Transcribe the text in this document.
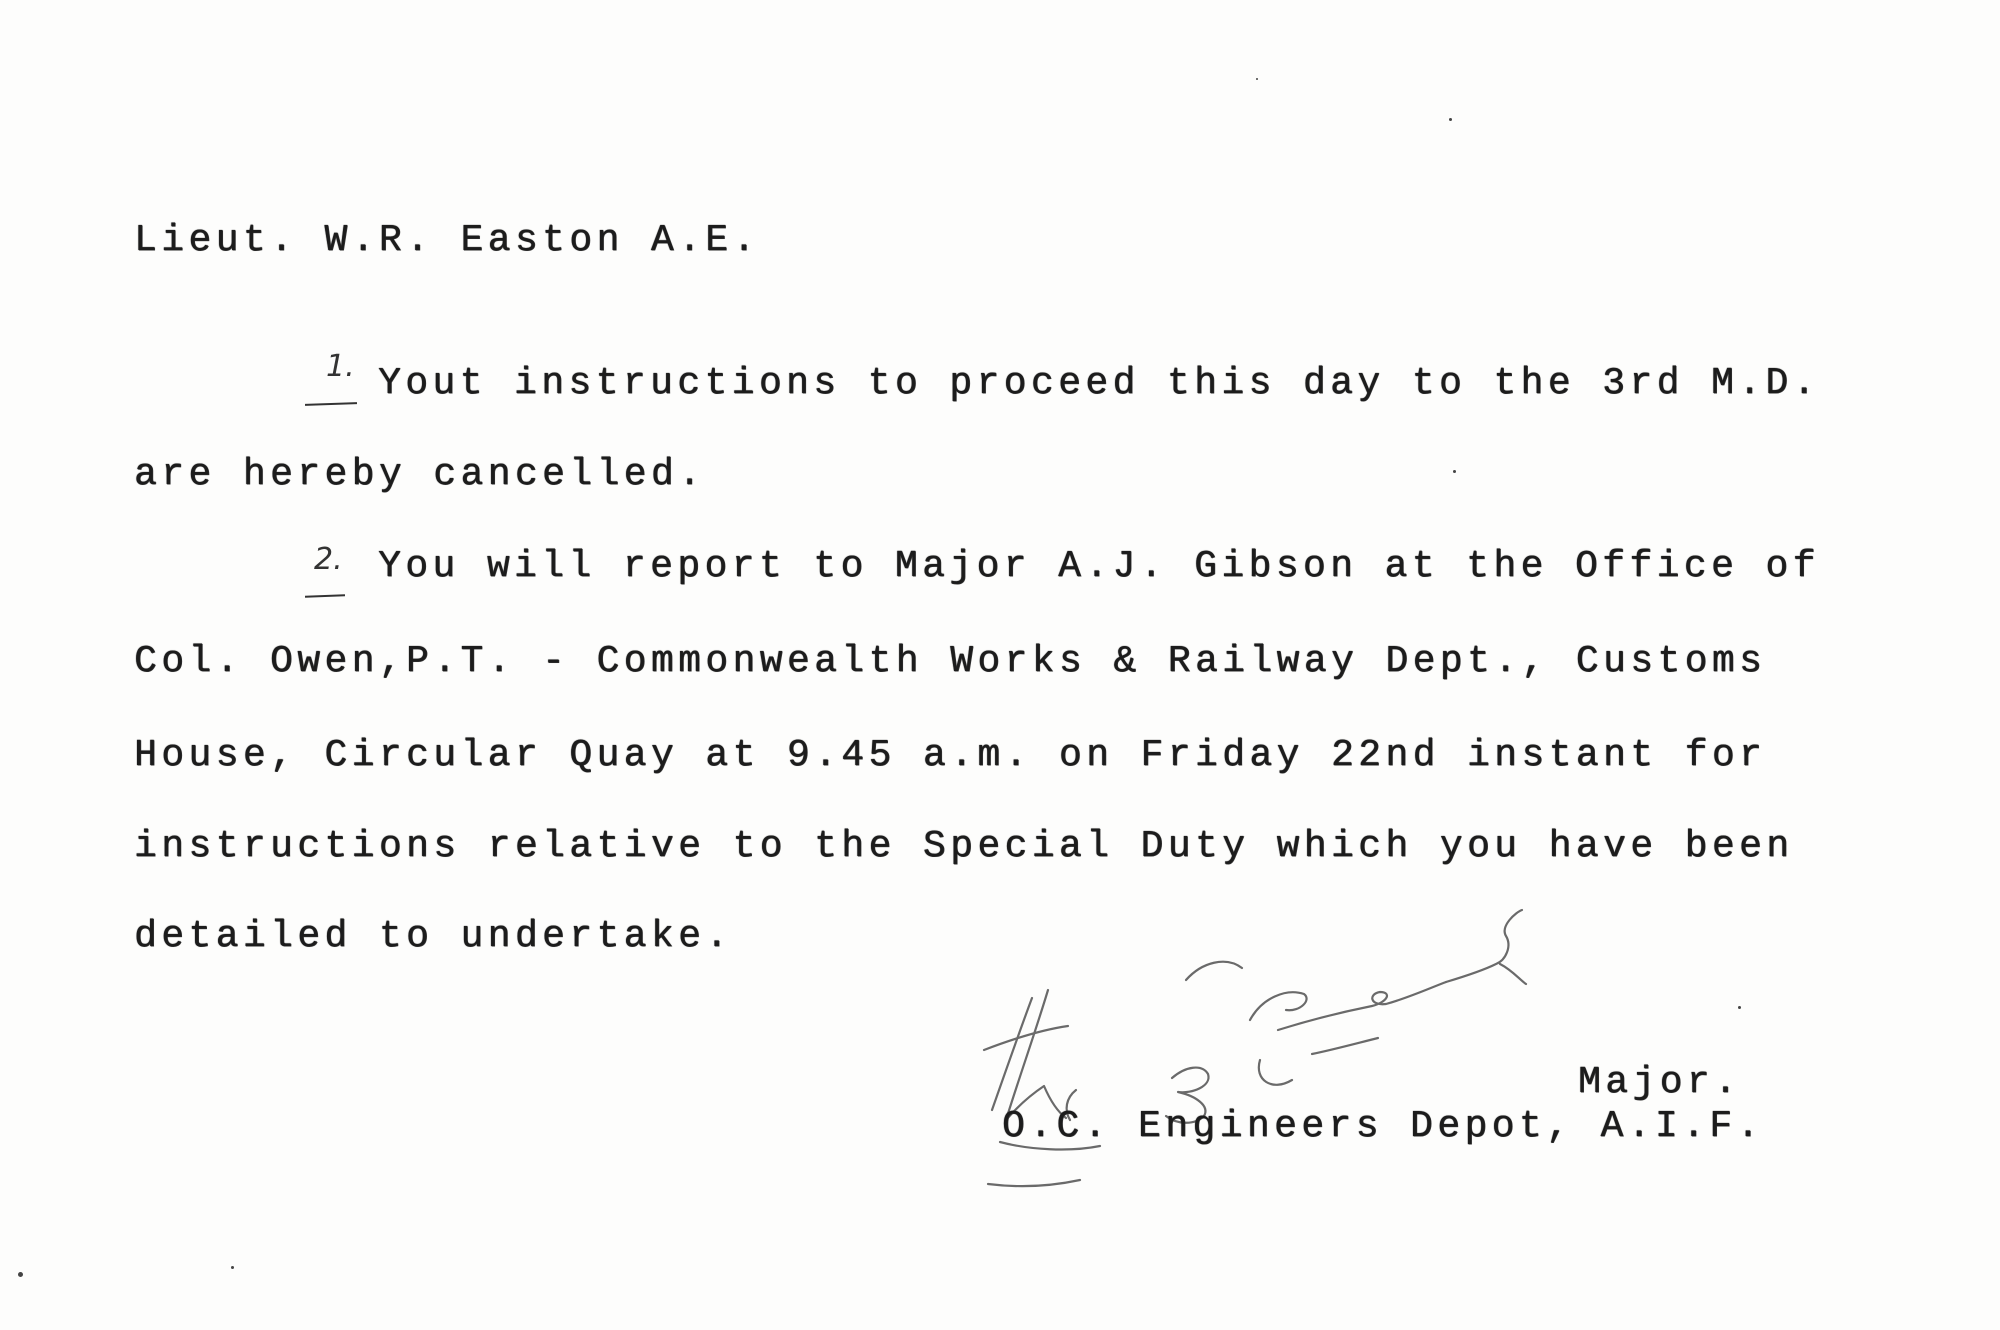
Lieut. W.R. Easton A.E.
1. Yout instructions to proceed this day to the 3rd M.D.
are hereby cancelled.
2. You will report to Major A.J. Gibson at the Office of
Col. Owen,P.T. - Commonwealth Works & Railway Dept., Customs
House, Circular Quay at 9.45 a.m. on Friday 22nd instant for
instructions relative to the Special Duty which you have been
detailed to undertake.
Major.
O.C. Engineers Depot, A.I.F.
